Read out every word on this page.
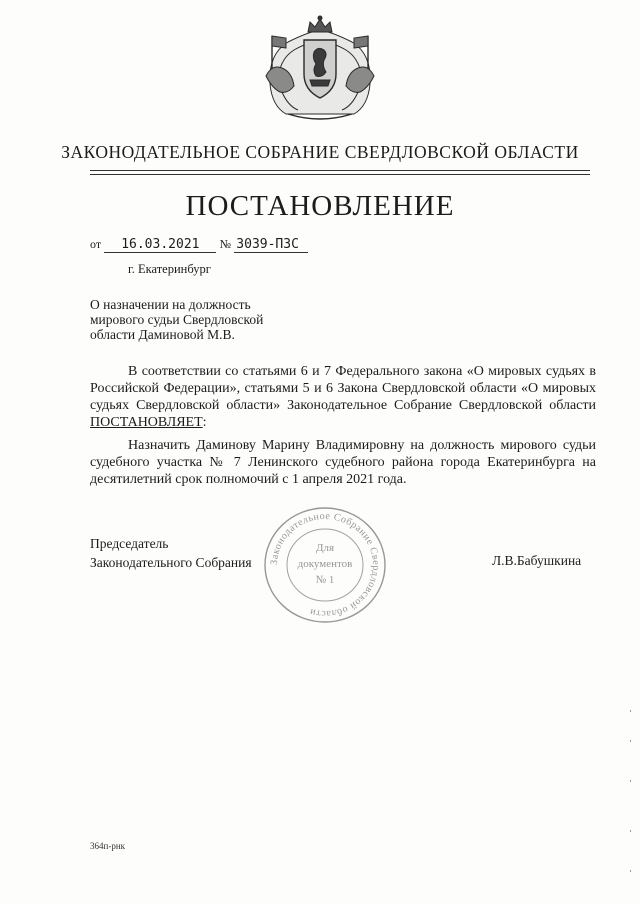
ЗАКОНОДАТЕЛЬНОЕ СОБРАНИЕ СВЕРДЛОВСКОЙ ОБЛАСТИ
ПОСТАНОВЛЕНИЕ
от 16.03.2021 № 3039-ПЗС
г. Екатеринбург
О назначении на должность
мирового судьи Свердловской
области Даминовой М.В.
В соответствии со статьями 6 и 7 Федерального закона «О мировых судьях в Российской Федерации», статьями 5 и 6 Закона Свердловской области «О мировых судьях Свердловской области» Законодательное Собрание Свердловской области ПОСТАНОВЛЯЕТ:
Назначить Даминову Марину Владимировну на должность мирового судьи судебного участка № 7 Ленинского судебного района города Екатеринбурга на десятилетний срок полномочий с 1 апреля 2021 года.
Председатель
Законодательного Собрания	Л.В.Бабушкина
Законодательное Собрание Свердловской области
Для
документов
№ 1
364п-рнк
